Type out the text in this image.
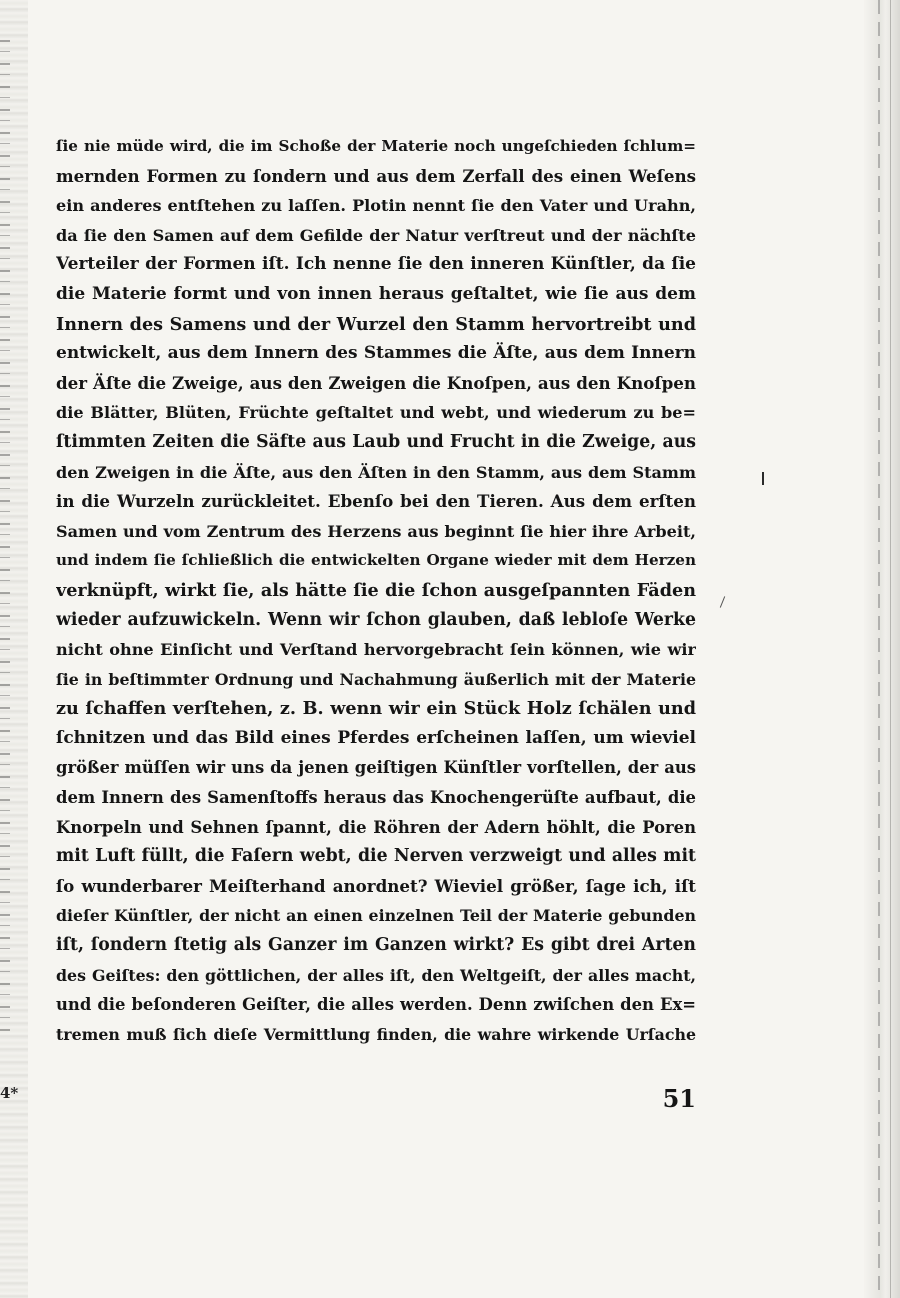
ſie nie müde wird, die im Schoße der Materie noch ungeſchieden ſchlum=
mernden Formen zu ſondern und aus dem Zerfall des einen Weſens
ein anderes entſtehen zu laſſen. Plotin nennt ſie den Vater und Urahn,
da ſie den Samen auf dem Gefilde der Natur verſtreut und der nächſte
Verteiler der Formen iſt. Ich nenne ſie den inneren Künſtler, da ſie
die Materie formt und von innen heraus geſtaltet, wie ſie aus dem
Innern des Samens und der Wurzel den Stamm hervortreibt und
entwickelt, aus dem Innern des Stammes die Äſte, aus dem Innern
der Äſte die Zweige, aus den Zweigen die Knoſpen, aus den Knoſpen
die Blätter, Blüten, Früchte geſtaltet und webt, und wiederum zu be=
ſtimmten Zeiten die Säfte aus Laub und Frucht in die Zweige, aus
den Zweigen in die Äſte, aus den Äſten in den Stamm, aus dem Stamm
in die Wurzeln zurückleitet. Ebenſo bei den Tieren. Aus dem erſten
Samen und vom Zentrum des Herzens aus beginnt ſie hier ihre Arbeit,
und indem ſie ſchließlich die entwickelten Organe wieder mit dem Herzen
verknüpft, wirkt ſie, als hätte ſie die ſchon ausgeſpannten Fäden
wieder aufzuwickeln. Wenn wir ſchon glauben, daß lebloſe Werke
nicht ohne Einſicht und Verſtand hervorgebracht ſein können, wie wir
ſie in beſtimmter Ordnung und Nachahmung äußerlich mit der Materie
zu ſchaffen verſtehen, z. B. wenn wir ein Stück Holz ſchälen und
ſchnitzen und das Bild eines Pferdes erſcheinen laſſen, um wieviel
größer müſſen wir uns da jenen geiſtigen Künſtler vorſtellen, der aus
dem Innern des Samenſtoffs heraus das Knochengerüſte aufbaut, die
Knorpeln und Sehnen ſpannt, die Röhren der Adern höhlt, die Poren
mit Luft füllt, die Faſern webt, die Nerven verzweigt und alles mit
ſo wunderbarer Meiſterhand anordnet? Wieviel größer, ſage ich, iſt
dieſer Künſtler, der nicht an einen einzelnen Teil der Materie gebunden
iſt, ſondern ſtetig als Ganzer im Ganzen wirkt? Es gibt drei Arten
des Geiſtes: den göttlichen, der alles iſt, den Weltgeiſt, der alles macht,
und die beſonderen Geiſter, die alles werden. Denn zwiſchen den Ex=
tremen muß ſich dieſe Vermittlung finden, die wahre wirkende Urſache
51
4*
